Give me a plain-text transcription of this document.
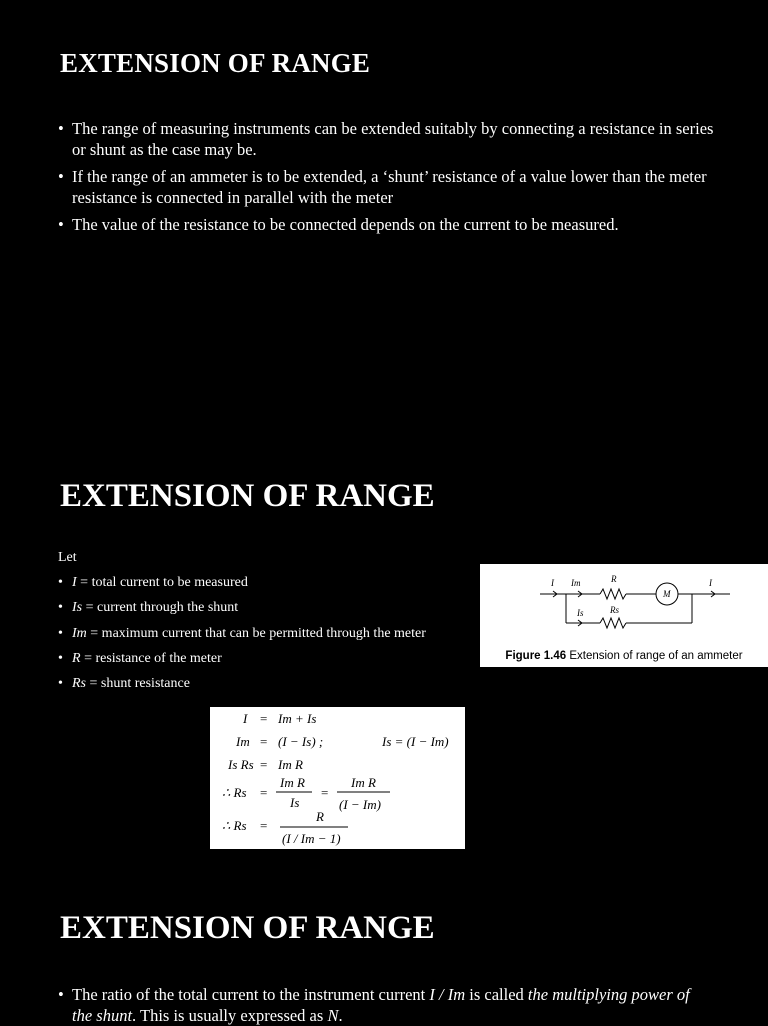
EXTENSION OF RANGE
• The range of measuring instruments can be extended suitably by connecting a resistance in series or shunt as the case may be.
• If the range of an ammeter is to be extended, a ‘shunt’ resistance of a value lower than the meter resistance is connected in parallel with the meter
• The value of the resistance to be connected depends on the current to be measured.
EXTENSION OF RANGE
Let
• I = total current to be measured
• Is = current through the shunt
• Im = maximum current that can be permitted through the meter
• R = resistance of the meter
• Rs = shunt resistance
I Im	R
M
I
Is	Rs
Figure 1.46 Extension of range of an ammeter
I = Im + Is
Im = (I − Is) ;	Is = (I − Im)
Is Rs = Im R
∴ Rs =
Im R
Is
=
Im R
(I − Im)
∴ Rs =
R
(I / Im − 1)
EXTENSION OF RANGE
• The ratio of the total current to the instrument current I / Im is called the multiplying power of the shunt. This is usually expressed as N.
